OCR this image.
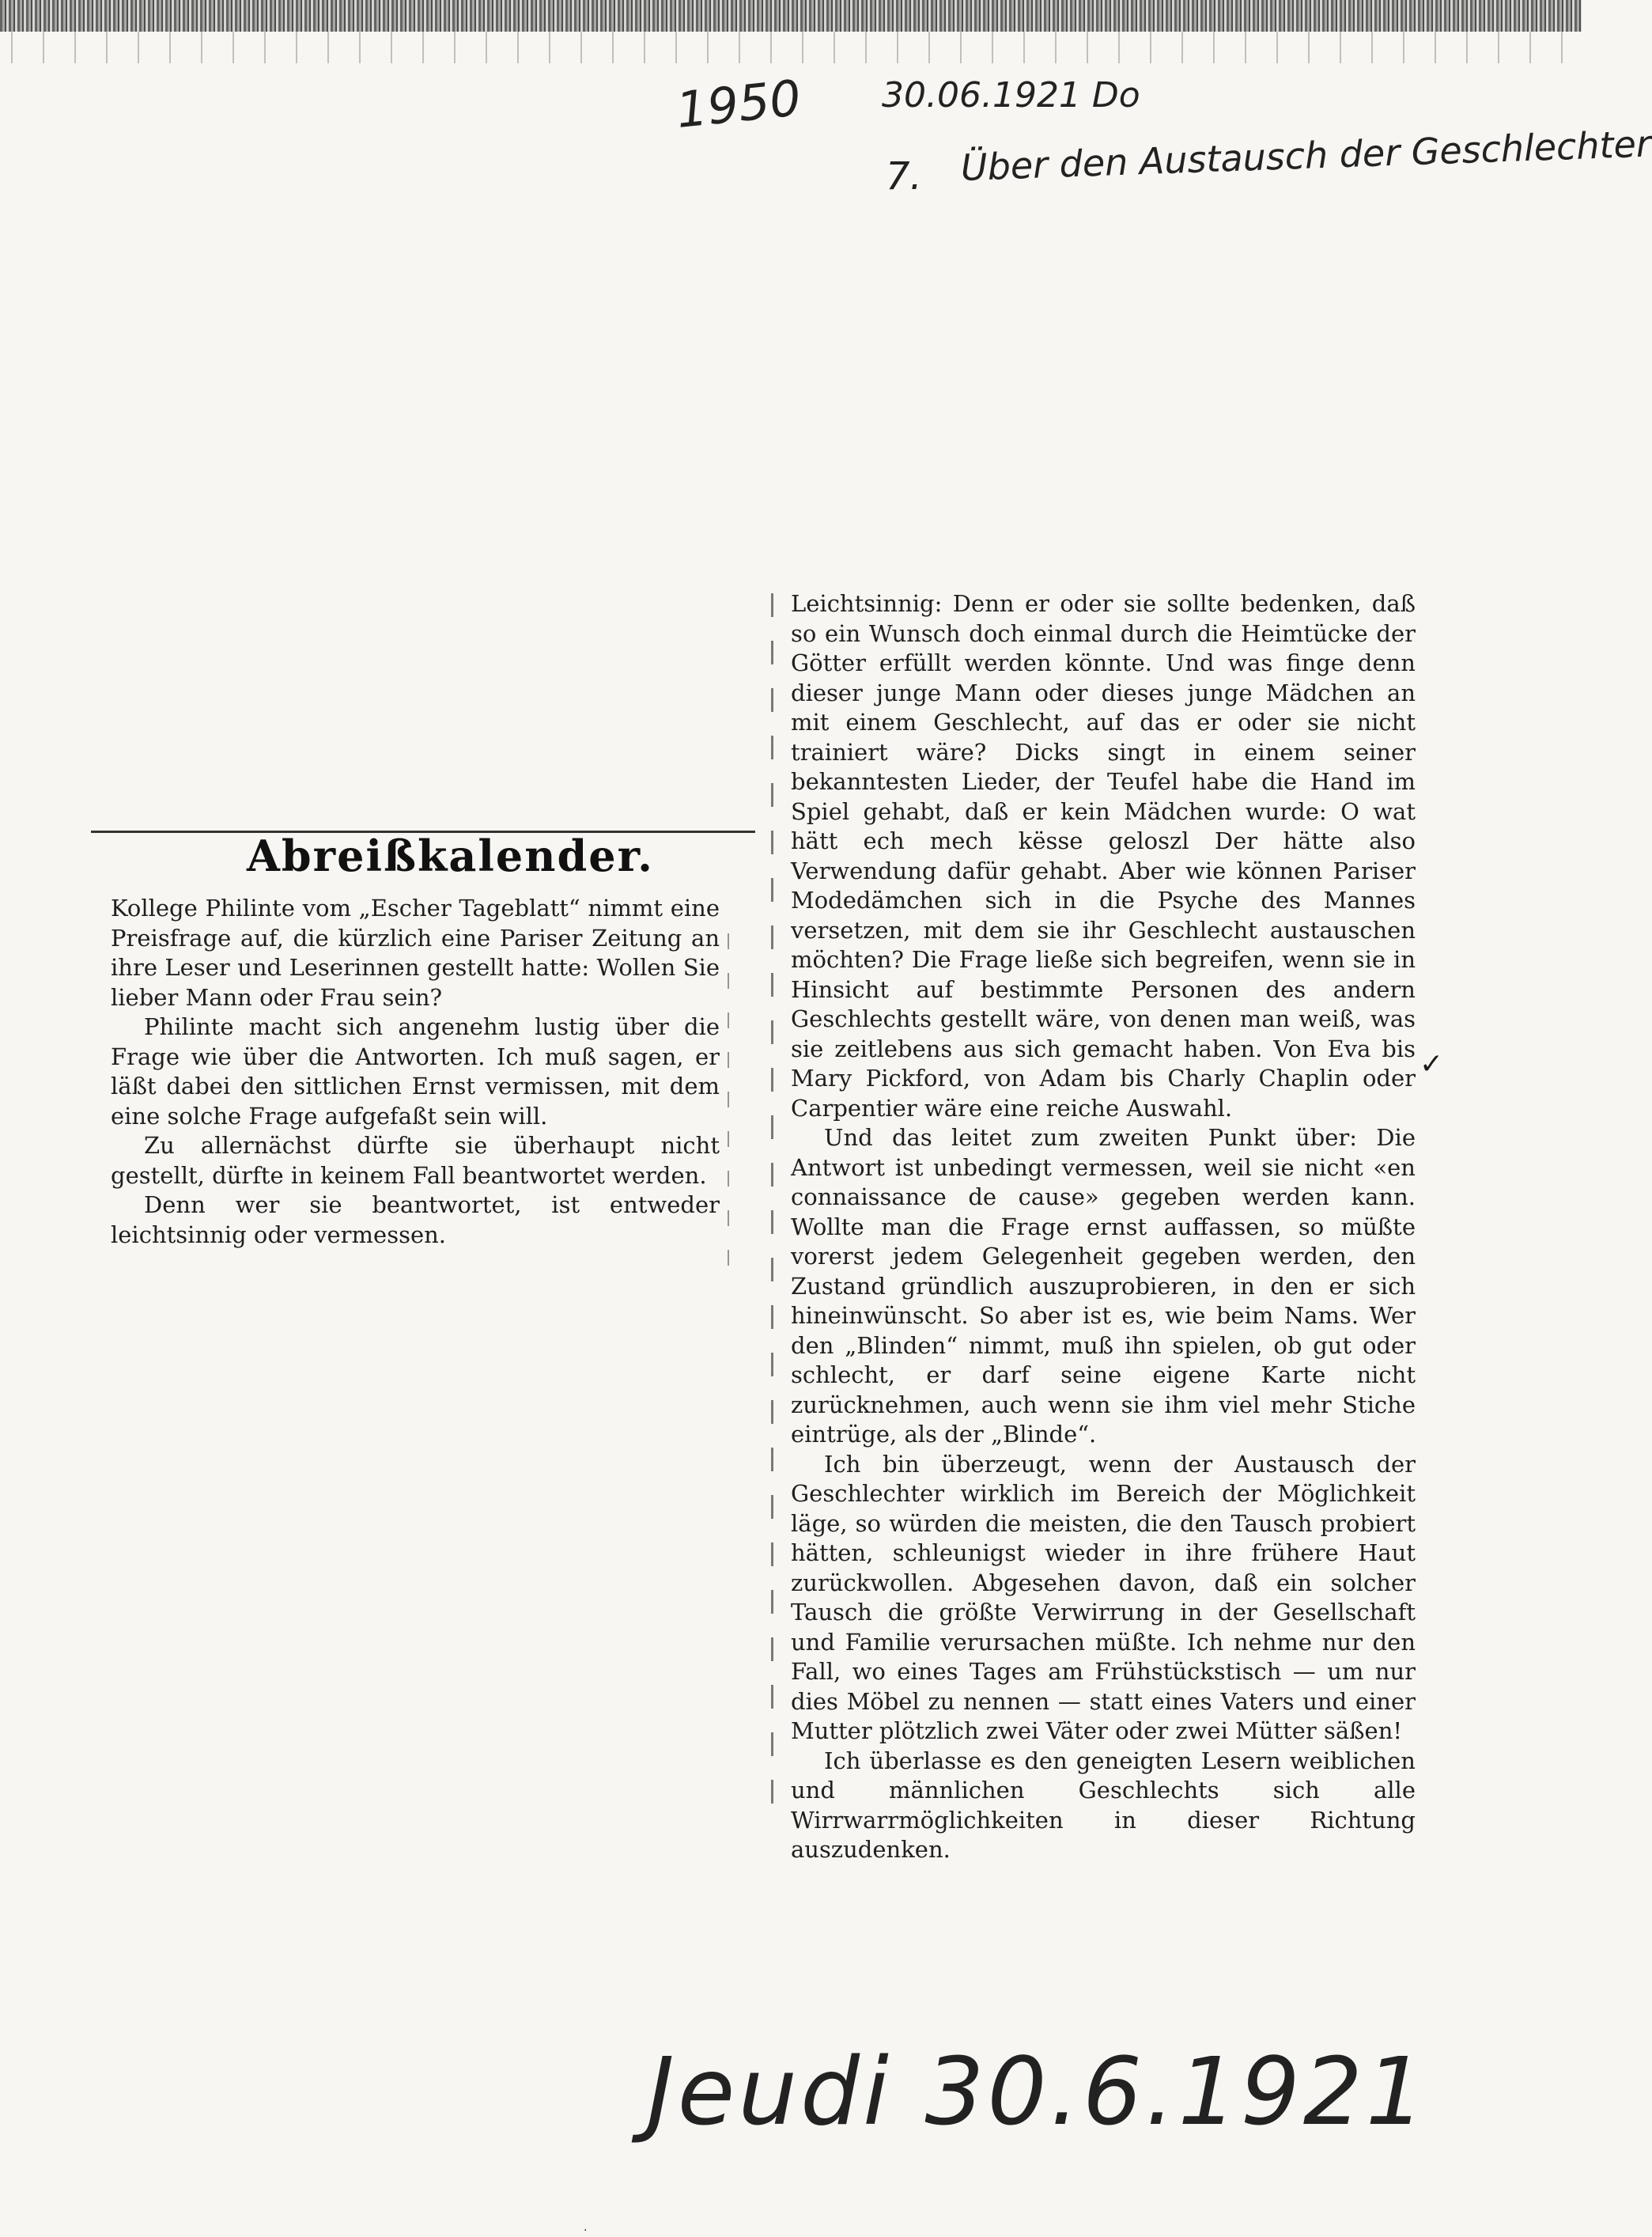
1950 30.06.1921 Do
7. Über den Austausch der Geschlechter
Abreißkalender.

Kollege Philinte vom „Escher Tageblatt“ nimmt eine Preisfrage auf, die kürzlich eine Pariser Zeitung an ihre Leser und Leserinnen gestellt hatte: Wollen Sie lieber Mann oder Frau sein?

Philinte macht sich angenehm lustig über die Frage wie über die Antworten. Ich muß sagen, er läßt dabei den sittlichen Ernst vermissen, mit dem eine solche Frage aufgefaßt sein will.

Zu allernächst dürfte sie überhaupt nicht gestellt, dürfte in keinem Fall beantwortet werden.

Denn wer sie beantwortet, ist entweder leichtsinnig oder vermessen.

Leichtsinnig: Denn er oder sie sollte bedenken, daß so ein Wunsch doch einmal durch die Heimtücke der Götter erfüllt werden könnte. Und was finge denn dieser junge Mann oder dieses junge Mädchen an mit einem Geschlecht, auf das er oder sie nicht trainiert wäre? Dicks singt in einem seiner bekanntesten Lieder, der Teufel habe die Hand im Spiel gehabt, daß er kein Mädchen wurde: O wat hätt ech mech kësse geloszl Der hätte also Verwendung dafür gehabt. Aber wie können Pariser Modedämchen sich in die Psyche des Mannes versetzen, mit dem sie ihr Geschlecht austauschen möchten? Die Frage ließe sich begreifen, wenn sie in Hinsicht auf bestimmte Personen des andern Geschlechts gestellt wäre, von denen man weiß, was sie zeitlebens aus sich gemacht haben. Von Eva bis Mary Pickford, von Adam bis Charly Chaplin oder Carpentier wäre eine reiche Auswahl.

Und das leitet zum zweiten Punkt über: Die Antwort ist unbedingt vermessen, weil sie nicht «en connaissance de cause» gegeben werden kann. Wollte man die Frage ernst auffassen, so müßte vorerst jedem Gelegenheit gegeben werden, den Zustand gründlich auszuprobieren, in den er sich hineinwünscht. So aber ist es, wie beim Nams. Wer den „Blinden“ nimmt, muß ihn spielen, ob gut oder schlecht, er darf seine eigene Karte nicht zurücknehmen, auch wenn sie ihm viel mehr Stiche eintrüge, als der „Blinde“.

Ich bin überzeugt, wenn der Austausch der Geschlechter wirklich im Bereich der Möglichkeit läge, so würden die meisten, die den Tausch probiert hätten, schleunigst wieder in ihre frühere Haut zurückwollen. Abgesehen davon, daß ein solcher Tausch die größte Verwirrung in der Gesellschaft und Familie verursachen müßte. Ich nehme nur den Fall, wo eines Tages am Frühstückstisch — um nur dies Möbel zu nennen — statt eines Vaters und einer Mutter plötzlich zwei Väter oder zwei Mütter säßen!

Ich überlasse es den geneigten Lesern weiblichen und männlichen Geschlechts sich alle Wirrwarrmöglichkeiten in dieser Richtung auszudenken.

✓
Jeudi 30.6.1921
·
